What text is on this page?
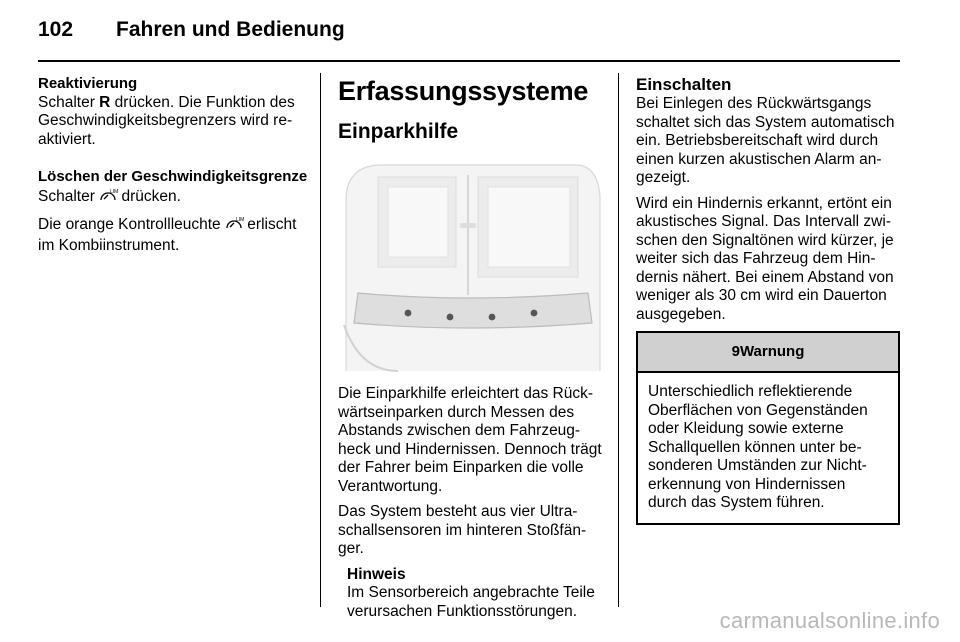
102 Fahren und Bedienung
Reaktivierung

Schalter R drücken. Die Funktion des Geschwindigkeitsbegrenzers wird re-aktiviert.

Löschen der Geschwindigkeitsgrenze

Schalter LIM
drücken.

Die orange Kontrollleuchte LIM
erlischt im Kombiinstrument.

Erfassungssysteme
Einparkhilfe

Die Einparkhilfe erleichtert das Rück-wärtseinparken durch Messen des Abstands zwischen dem Fahrzeug-heck und Hindernissen. Dennoch trägt der Fahrer beim Einparken die volle Verantwortung.

Das System besteht aus vier Ultra-schallsensoren im hinteren Stoßfän-ger.

Hinweis
Im Sensorbereich angebrachte Teile verursachen Funktionsstörungen.
Einschalten

Bei Einlegen des Rückwärtsgangs schaltet sich das System automatisch ein. Betriebsbereitschaft wird durch einen kurzen akustischen Alarm an-gezeigt.

Wird ein Hindernis erkannt, ertönt ein akustisches Signal. Das Intervall zwi-schen den Signaltönen wird kürzer, je weiter sich das Fahrzeug dem Hin-dernis nähert. Bei einem Abstand von weniger als 30 cm wird ein Dauerton ausgegeben.

9 Warnung
Unterschiedlich reflektierende Oberflächen von Gegenständen oder Kleidung sowie externe Schallquellen können unter be-sonderen Umständen zur Nicht-erkennung von Hindernissen durch das System führen.
carmanualsonline.info
